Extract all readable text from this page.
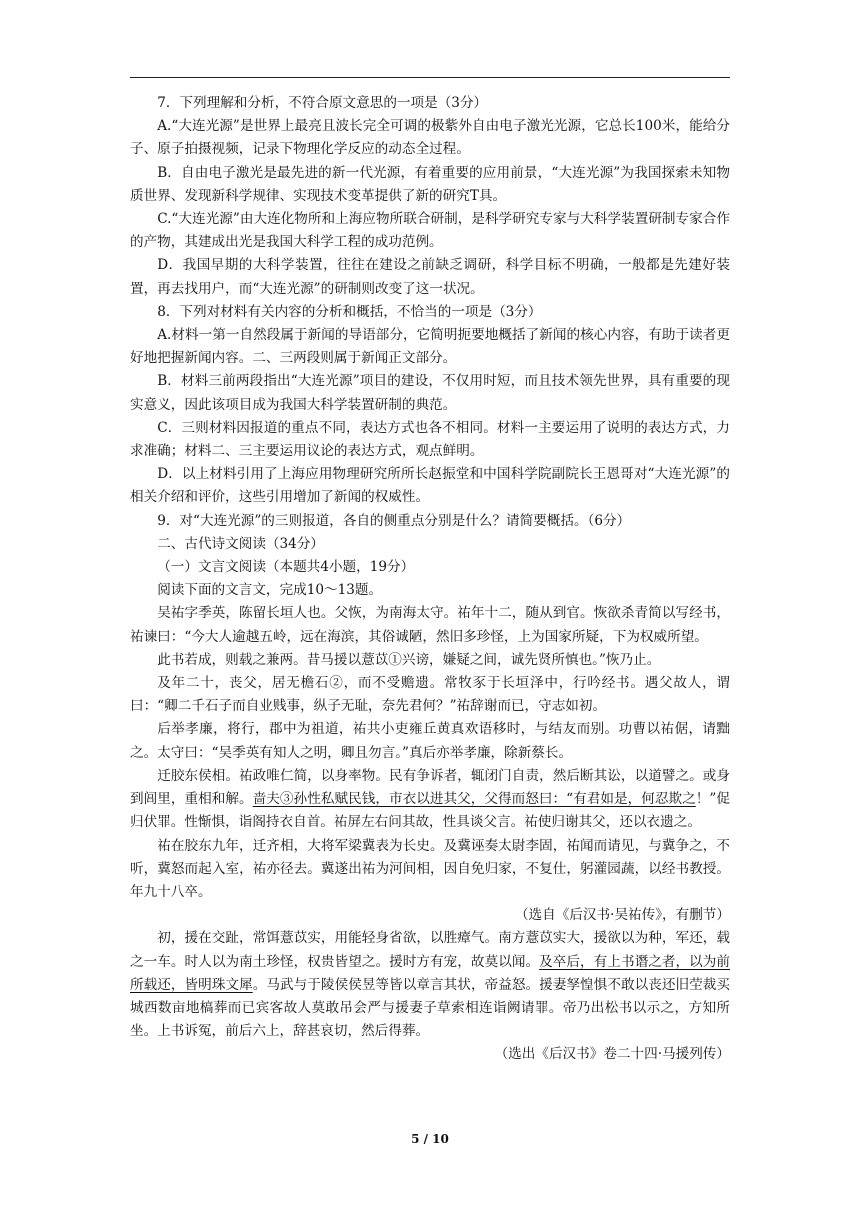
7．下列理解和分析，不符合原文意思的一项是（3分）

A.“大连光源”是世界上最亮且波长完全可调的极紫外自由电子激光光源，它总长100米，能给分子、原子拍摄视频，记录下物理化学反应的动态全过程。

B．自由电子激光是最先进的新一代光源，有着重要的应用前景，“大连光源”为我国探索未知物质世界、发现新科学规律、实现技术变革提供了新的研究T具。

C.“大连光源”由大连化物所和上海应物所联合研制，是科学研究专家与大科学装置研制专家合作的产物，其建成出光是我国大科学工程的成功范例。

D．我国早期的大科学装置，往往在建设之前缺乏调研，科学目标不明确，一般都是先建好装置，再去找用户，而“大连光源”的研制则改变了这一状况。

8．下列对材料有关内容的分析和概括，不恰当的一项是（3分）

A.材料一第一自然段属于新闻的导语部分，它简明扼要地概括了新闻的核心内容，有助于读者更好地把握新闻内容。二、三两段则属于新闻正文部分。

B．材料三前两段指出“大连光源”项目的建设，不仅用时短，而且技术领先世界，具有重要的现实意义，因此该项目成为我国大科学装置研制的典范。

C．三则材料因报道的重点不同，表达方式也各不相同。材料一主要运用了说明的表达方式，力求准确；材料二、三主要运用议论的表达方式，观点鲜明。

D．以上材料引用了上海应用物理研究所所长赵振堂和中国科学院副院长王恩哥对“大连光源”的相关介绍和评价，这些引用增加了新闻的权威性。

9．对“大连光源”的三则报道，各自的侧重点分别是什么？请简要概括。（6分）

二、古代诗文阅读（34分）

（一）文言文阅读（本题共4小题，19分）

阅读下面的文言文，完成10～13题。

吴祐字季英，陈留长垣人也。父恢，为南海太守。祐年十二，随从到官。恢欲杀青简以写经书，祐谏曰：“今大人逾越五岭，远在海滨，其俗诚陋，然旧多珍怪，上为国家所疑，下为权威所望。

此书若成，则载之兼两。昔马援以薏苡①兴谤，嫌疑之间，诚先贤所慎也。”恢乃止。

及年二十，丧父，居无檐石②，而不受赡遗。常牧豕于长垣泽中，行吟经书。遇父故人，谓曰：“卿二千石子而自业贱事，纵子无耻，奈先君何？”祐辞谢而已，守志如初。

后举孝廉，将行，郡中为祖道，祐共小吏雍丘黄真欢语移时，与结友而别。功曹以祐倨，请黜之。太守曰：“吴季英有知人之明，卿且勿言。”真后亦举孝廉，除新蔡长。

迁胶东侯相。祐政唯仁简，以身率物。民有争诉者，辄闭门自责，然后断其讼，以道譬之。或身到闾里，重相和解。啬夫③孙性私赋民钱，市衣以进其父，父得而怒曰：“有君如是，何忍欺之！”促归伏罪。性惭惧，诣阁持衣自首。祐屏左右问其故，性具谈父言。祐使归谢其父，还以衣遗之。

祐在胶东九年，迁齐相，大将军梁冀表为长史。及冀诬奏太尉李固，祐闻而请见，与冀争之，不听，冀怒而起入室，祐亦径去。冀遂出祐为河间相，因自免归家，不复仕，躬灌园蔬，以经书教授。年九十八卒。

（选自《后汉书·吴祐传》，有删节）

初，援在交趾，常饵薏苡实，用能轻身省欲，以胜瘴气。南方薏苡实大，援欲以为种，军还，载之一车。时人以为南土珍怪，权贵皆望之。援时方有宠，故莫以闻。及卒后，有上书谮之者，以为前所载还，皆明珠文犀。马武与于陵侯侯昱等皆以章言其状，帝益怒。援妻孥惶惧不敢以丧还旧茔裁买城西数亩地槁葬而已宾客故人莫敢吊会严与援妻子草索相连诣阙请罪。帝乃出松书以示之，方知所坐。上书诉冤，前后六上，辞甚哀切，然后得葬。

（选出《后汉书》卷二十四·马援列传）

5 / 10
